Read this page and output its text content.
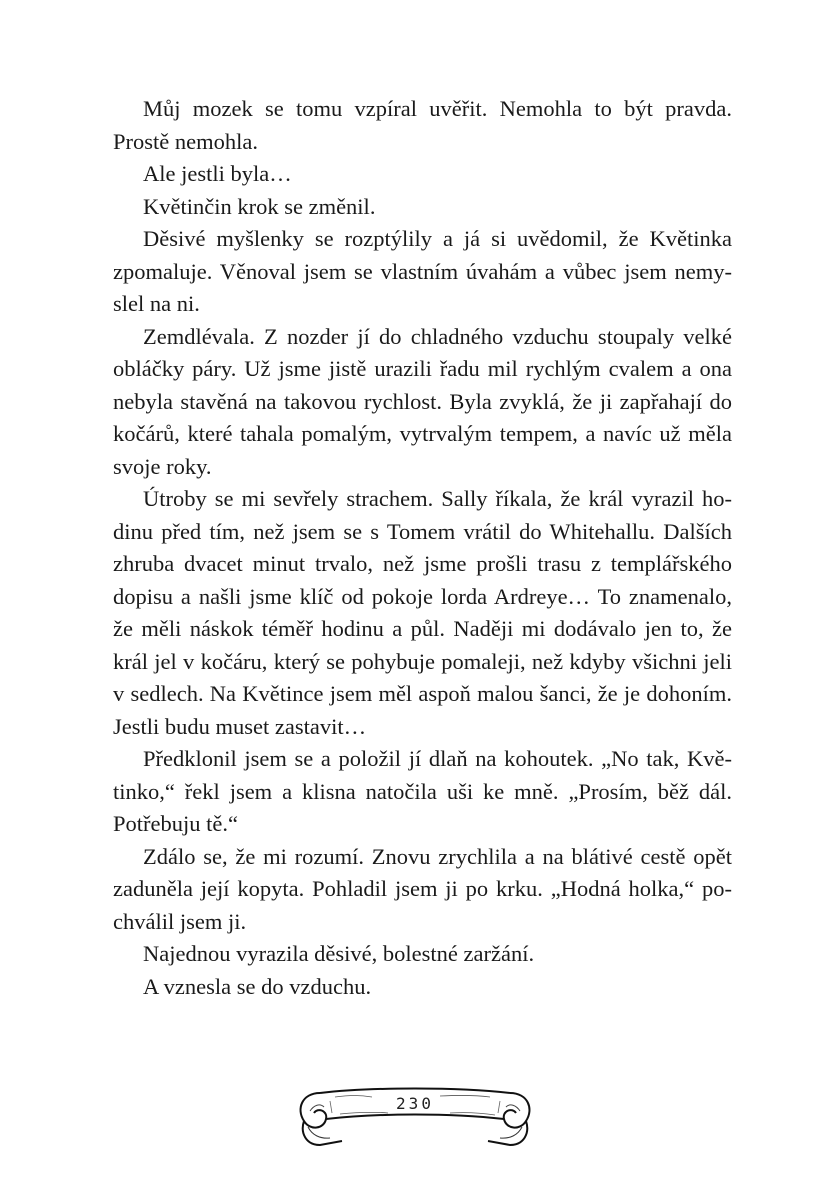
Můj mozek se tomu vzpíral uvěřit. Nemohla to být pravda. Prostě nemohla.

Ale jestli byla…

Květinčin krok se změnil.

Děsivé myšlenky se rozptýlily a já si uvědomil, že Květinka zpomaluje. Věnoval jsem se vlastním úvahám a vůbec jsem nemyslel na ni.

Zemdlévala. Z nozder jí do chladného vzduchu stoupaly velké obláčky páry. Už jsme jistě urazili řadu mil rychlým cvalem a ona nebyla stavěná na takovou rychlost. Byla zvyklá, že ji zapřahají do kočárů, které tahala pomalým, vytrvalým tempem, a navíc už měla svoje roky.

Útroby se mi sevřely strachem. Sally říkala, že král vyrazil hodinu před tím, než jsem se s Tomem vrátil do Whitehallu. Dalších zhruba dvacet minut trvalo, než jsme prošli trasu z templářského dopisu a našli jsme klíč od pokoje lorda Ardreye… To znamenalo, že měli náskok téměř hodinu a půl. Naději mi dodávalo jen to, že král jel v kočáru, který se pohybuje pomaleji, než kdyby všichni jeli v sedlech. Na Květince jsem měl aspoň malou šanci, že je dohoním. Jestli budu muset zastavit…

Předklonil jsem se a položil jí dlaň na kohoutek. „No tak, Květinko,“ řekl jsem a klisna natočila uši ke mně. „Prosím, běž dál. Potřebuju tě.“

Zdálo se, že mi rozumí. Znovu zrychlila a na blátivé cestě opět zaduněla její kopyta. Pohladil jsem ji po krku. „Hodná holka,“ pochválil jsem ji.

Najednou vyrazila děsivé, bolestné zaržání.

A vznesla se do vzduchu.

230
